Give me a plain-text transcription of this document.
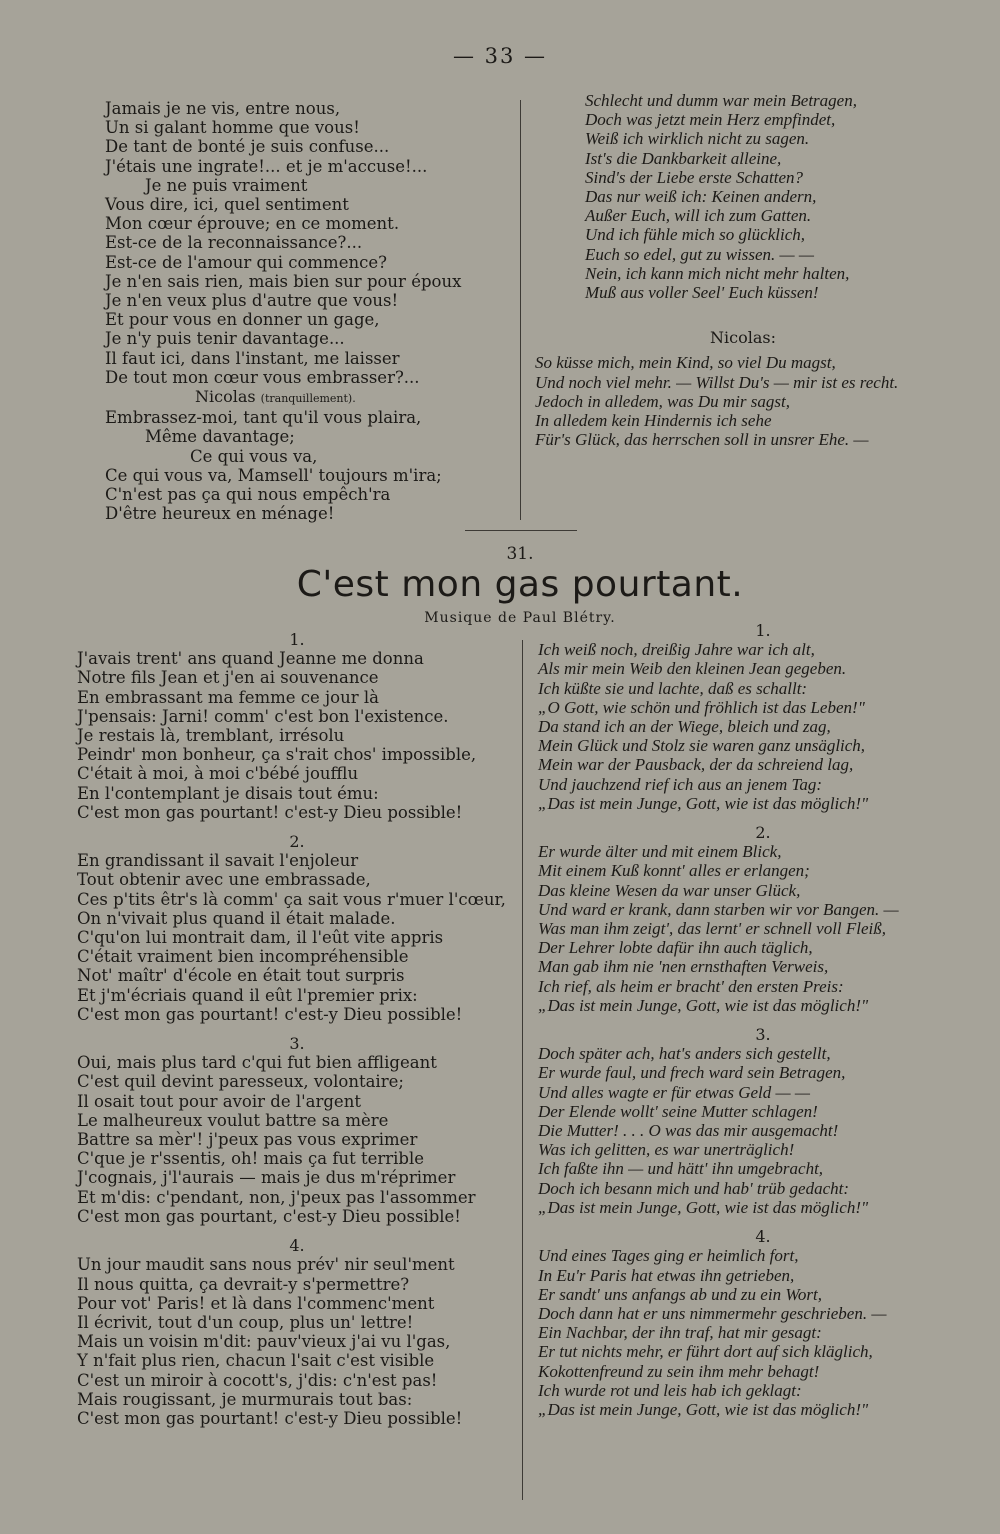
— 33 —
Jamais je ne vis, entre nous,
Un si galant homme que vous!
De tant de bonté je suis confuse...
J'étais une ingrate!... et je m'accuse!...
Je ne puis vraiment
Vous dire, ici, quel sentiment
Mon cœur éprouve; en ce moment.
Est-ce de la reconnaissance?...
Est-ce de l'amour qui commence?
Je n'en sais rien, mais bien sur pour époux
Je n'en veux plus d'autre que vous!
Et pour vous en donner un gage,
Je n'y puis tenir davantage...
Il faut ici, dans l'instant, me laisser
De tout mon cœur vous embrasser?...
Nicolas (tranquillement).
Embrassez-moi, tant qu'il vous plaira,
Même davantage;
Ce qui vous va,
Ce qui vous va, Mamsell' toujours m'ira;
C'n'est pas ça qui nous empêch'ra
D'être heureux en ménage!
Schlecht und dumm war mein Betragen,
Doch was jetzt mein Herz empfindet,
Weiß ich wirklich nicht zu sagen.
Ist's die Dankbarkeit alleine,
Sind's der Liebe erste Schatten?
Das nur weiß ich: Keinen andern,
Außer Euch, will ich zum Gatten.
Und ich fühle mich so glücklich,
Euch so edel, gut zu wissen. — —
Nein, ich kann mich nicht mehr halten,
Muß aus voller Seel' Euch küssen!
Nicolas:
So küsse mich, mein Kind, so viel Du magst,
Und noch viel mehr. — Willst Du's — mir ist es recht.
Jedoch in alledem, was Du mir sagst,
In alledem kein Hindernis ich sehe
Für's Glück, das herrschen soll in unsrer Ehe. —
31.
C'est mon gas pourtant.
Musique de Paul Blétry.
1.
J'avais trent' ans quand Jeanne me donna
Notre fils Jean et j'en ai souvenance
En embrassant ma femme ce jour là
J'pensais: Jarni! comm' c'est bon l'existence.
Je restais là, tremblant, irrésolu
Peindr' mon bonheur, ça s'rait chos' impossible,
C'était à moi, à moi c'bébé joufflu
En l'contemplant je disais tout ému:
C'est mon gas pourtant! c'est-y Dieu possible!
2.
En grandissant il savait l'enjoleur
Tout obtenir avec une embrassade,
Ces p'tits êtr's là comm' ça sait vous r'muer l'cœur,
On n'vivait plus quand il était malade.
C'qu'on lui montrait dam, il l'eût vite appris
C'était vraiment bien incompréhensible
Not' maîtr' d'école en était tout surpris
Et j'm'écriais quand il eût l'premier prix:
C'est mon gas pourtant! c'est-y Dieu possible!
3.
Oui, mais plus tard c'qui fut bien affligeant
C'est quil devint paresseux, volontaire;
Il osait tout pour avoir de l'argent
Le malheureux voulut battre sa mère
Battre sa mèr'! j'peux pas vous exprimer
C'que je r'ssentis, oh! mais ça fut terrible
J'cognais, j'l'aurais — mais je dus m'réprimer
Et m'dis: c'pendant, non, j'peux pas l'assommer
C'est mon gas pourtant, c'est-y Dieu possible!
4.
Un jour maudit sans nous prév' nir seul'ment
Il nous quitta, ça devrait-y s'permettre?
Pour vot' Paris! et là dans l'commenc'ment
Il écrivit, tout d'un coup, plus un' lettre!
Mais un voisin m'dit: pauv'vieux j'ai vu l'gas,
Y n'fait plus rien, chacun l'sait c'est visible
C'est un miroir à cocott's, j'dis: c'n'est pas!
Mais rougissant, je murmurais tout bas:
C'est mon gas pourtant! c'est-y Dieu possible!
1.
Ich weiß noch, dreißig Jahre war ich alt,
Als mir mein Weib den kleinen Jean gegeben.
Ich küßte sie und lachte, daß es schallt:
„O Gott, wie schön und fröhlich ist das Leben!"
Da stand ich an der Wiege, bleich und zag,
Mein Glück und Stolz sie waren ganz unsäglich,
Mein war der Pausback, der da schreiend lag,
Und jauchzend rief ich aus an jenem Tag:
„Das ist mein Junge, Gott, wie ist das möglich!"
2.
Er wurde älter und mit einem Blick,
Mit einem Kuß konnt' alles er erlangen;
Das kleine Wesen da war unser Glück,
Und ward er krank, dann starben wir vor Bangen. —
Was man ihm zeigt', das lernt' er schnell voll Fleiß,
Der Lehrer lobte dafür ihn auch täglich,
Man gab ihm nie 'nen ernsthaften Verweis,
Ich rief, als heim er bracht' den ersten Preis:
„Das ist mein Junge, Gott, wie ist das möglich!"
3.
Doch später ach, hat's anders sich gestellt,
Er wurde faul, und frech ward sein Betragen,
Und alles wagte er für etwas Geld — —
Der Elende wollt' seine Mutter schlagen!
Die Mutter! . . . O was das mir ausgemacht!
Was ich gelitten, es war unerträglich!
Ich faßte ihn — und hätt' ihn umgebracht,
Doch ich besann mich und hab' trüb gedacht:
„Das ist mein Junge, Gott, wie ist das möglich!"
4.
Und eines Tages ging er heimlich fort,
In Eu'r Paris hat etwas ihn getrieben,
Er sandt' uns anfangs ab und zu ein Wort,
Doch dann hat er uns nimmermehr geschrieben. —
Ein Nachbar, der ihn traf, hat mir gesagt:
Er tut nichts mehr, er führt dort auf sich kläglich,
Kokottenfreund zu sein ihm mehr behagt!
Ich wurde rot und leis hab ich geklagt:
„Das ist mein Junge, Gott, wie ist das möglich!"
